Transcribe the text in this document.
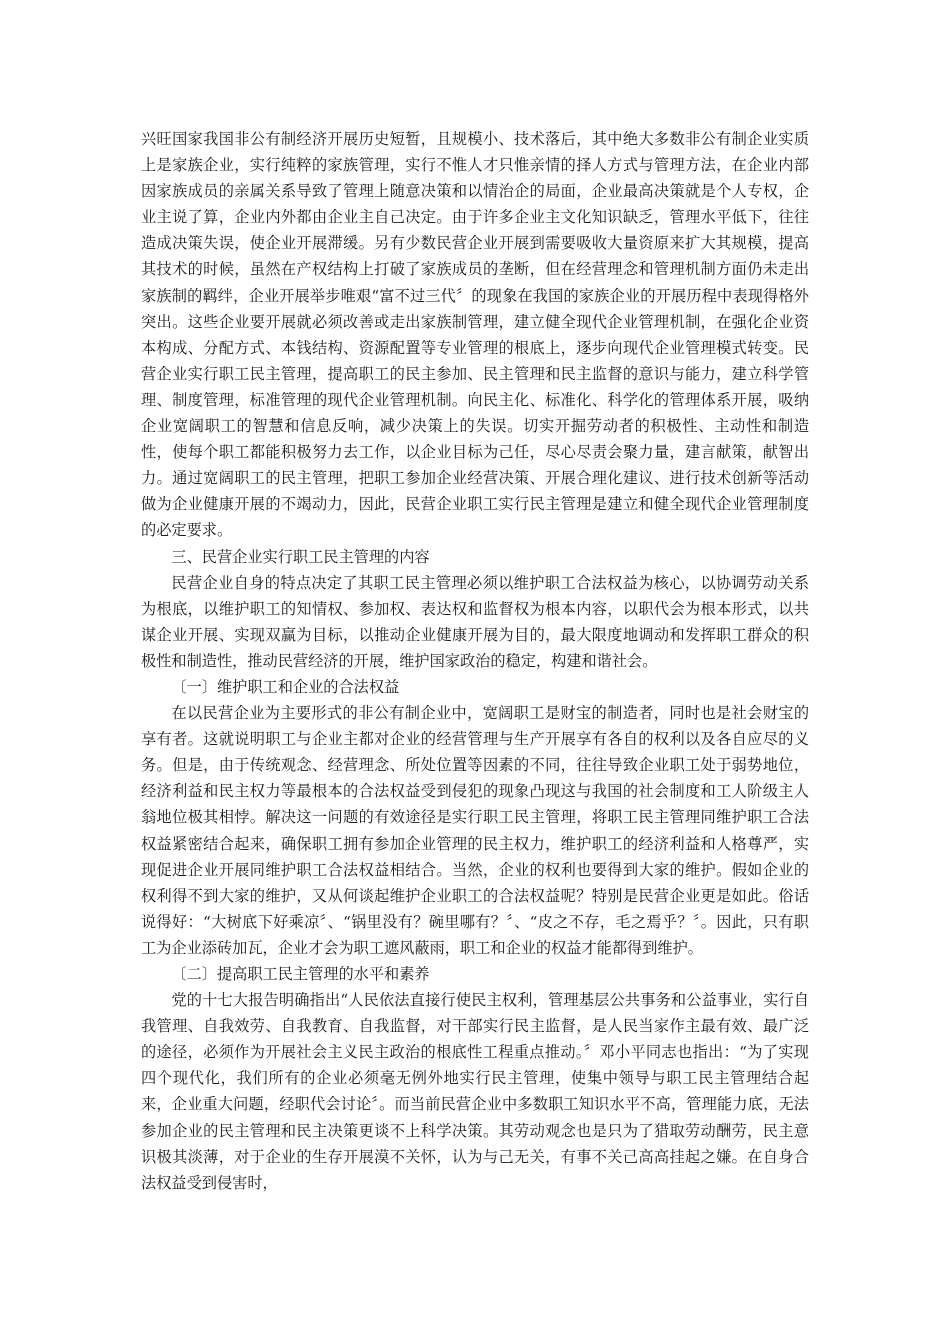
兴旺国家我国非公有制经济开展历史短暂，且规模小、技术落后，其中绝大多数非公有制企业实质上是家族企业，实行纯粹的家族管理，实行不惟人才只惟亲情的择人方式与管理方法，在企业内部因家族成员的亲属关系导致了管理上随意决策和以情治企的局面，企业最高决策就是个人专权，企业主说了算，企业内外都由企业主自己决定。由于许多企业主文化知识缺乏，管理水平低下，往往造成决策失误，使企业开展滞缓。另有少数民营企业开展到需要吸收大量资原来扩大其规模，提高其技术的时候，虽然在产权结构上打破了家族成员的垄断，但在经营理念和管理机制方面仍未走出家族制的羁绊，企业开展举步唯艰“富不过三代〞的现象在我国的家族企业的开展历程中表现得格外突出。这些企业要开展就必须改善或走出家族制管理，建立健全现代企业管理机制，在强化企业资本构成、分配方式、本钱结构、资源配置等专业管理的根底上，逐步向现代企业管理模式转变。民营企业实行职工民主管理，提高职工的民主参加、民主管理和民主监督的意识与能力，建立科学管理、制度管理，标准管理的现代企业管理机制。向民主化、标准化、科学化的管理体系开展，吸纳企业宽阔职工的智慧和信息反响，减少决策上的失误。切实开掘劳动者的积极性、主动性和制造性，使每个职工都能积极努力去工作，以企业目标为己任，尽心尽责会聚力量，建言献策，献智出力。通过宽阔职工的民主管理，把职工参加企业经营决策、开展合理化建议、进行技术创新等活动做为企业健康开展的不竭动力，因此，民营企业职工实行民主管理是建立和健全现代企业管理制度的必定要求。

三、民营企业实行职工民主管理的内容

民营企业自身的特点决定了其职工民主管理必须以维护职工合法权益为核心，以协调劳动关系为根底，以维护职工的知情权、参加权、表达权和监督权为根本内容，以职代会为根本形式，以共谋企业开展、实现双赢为目标，以推动企业健康开展为目的，最大限度地调动和发挥职工群众的积极性和制造性，推动民营经济的开展，维护国家政治的稳定，构建和谐社会。

〔一〕维护职工和企业的合法权益

在以民营企业为主要形式的非公有制企业中，宽阔职工是财宝的制造者，同时也是社会财宝的享有者。这就说明职工与企业主都对企业的经营管理与生产开展享有各自的权利以及各自应尽的义务。但是，由于传统观念、经营理念、所处位置等因素的不同，往往导致企业职工处于弱势地位，经济利益和民主权力等最根本的合法权益受到侵犯的现象凸现这与我国的社会制度和工人阶级主人翁地位极其相悖。解决这一问题的有效途径是实行职工民主管理，将职工民主管理同维护职工合法权益紧密结合起来，确保职工拥有参加企业管理的民主权力，维护职工的经济利益和人格尊严，实现促进企业开展同维护职工合法权益相结合。当然，企业的权利也要得到大家的维护。假如企业的权利得不到大家的维护，又从何谈起维护企业职工的合法权益呢？特别是民营企业更是如此。俗话说得好：“大树底下好乘凉〞、“锅里没有？碗里哪有？〞、“皮之不存，毛之焉乎？〞。因此，只有职工为企业添砖加瓦，企业才会为职工遮风蔽雨，职工和企业的权益才能都得到维护。

〔二〕提高职工民主管理的水平和素养

党的十七大报告明确指出“人民依法直接行使民主权利，管理基层公共事务和公益事业，实行自我管理、自我效劳、自我教育、自我监督，对干部实行民主监督，是人民当家作主最有效、最广泛的途径，必须作为开展社会主义民主政治的根底性工程重点推动。〞邓小平同志也指出：“为了实现四个现代化，我们所有的企业必须毫无例外地实行民主管理，使集中领导与职工民主管理结合起来，企业重大问题，经职代会讨论〞。而当前民营企业中多数职工知识水平不高，管理能力底，无法参加企业的民主管理和民主决策更谈不上科学决策。其劳动观念也是只为了猎取劳动酬劳，民主意识极其淡薄，对于企业的生存开展漠不关怀，认为与己无关，有事不关己高高挂起之嫌。在自身合法权益受到侵害时，
